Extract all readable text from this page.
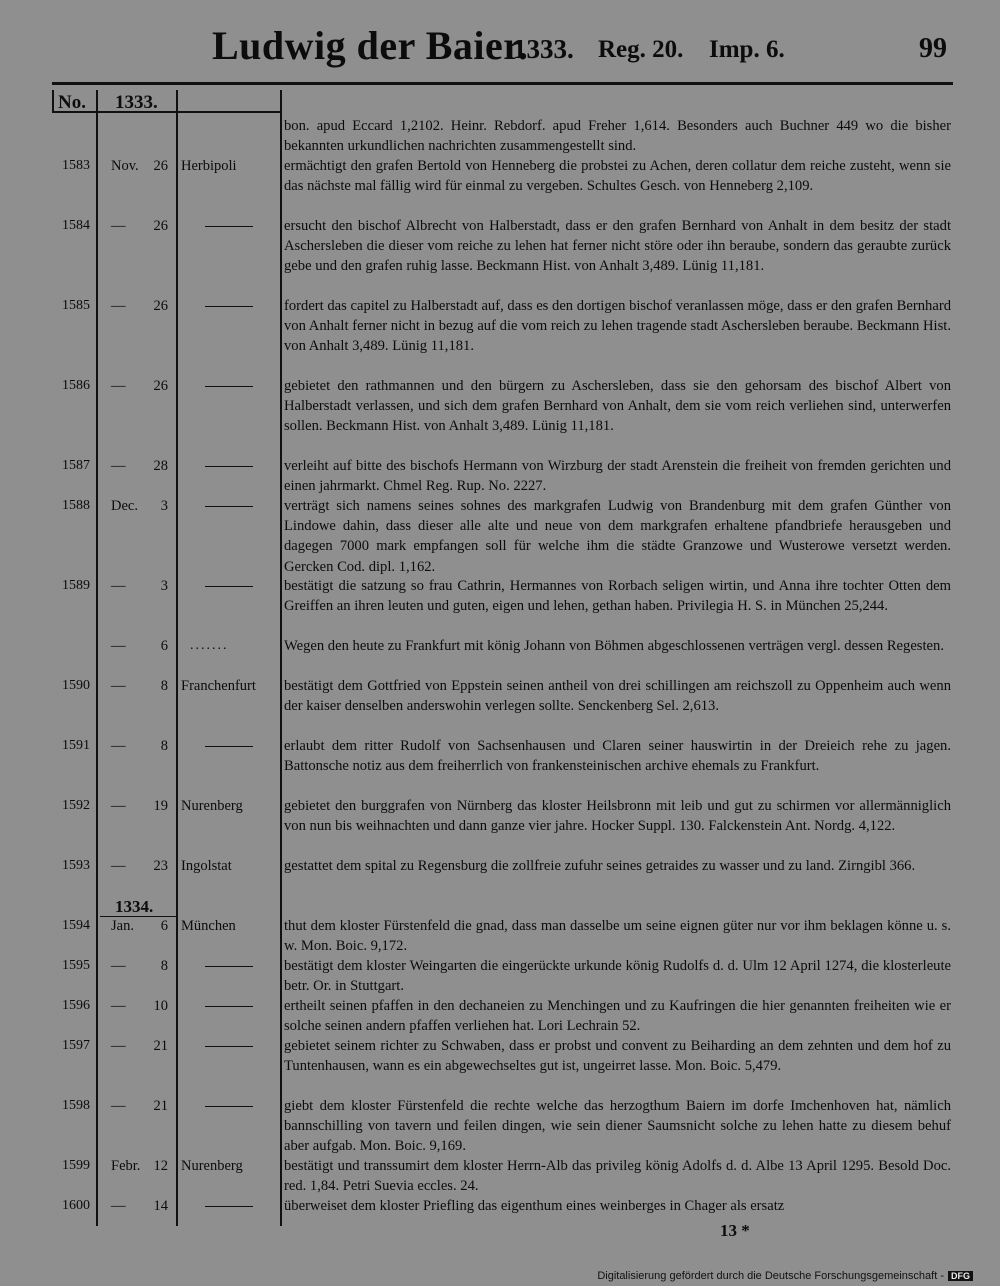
Ludwig der Baier.
1333. Reg. 20. Imp. 6.	99
No. 1333.
1334.
bon. apud Eccard 1,2102. Heinr. Rebdorf. apud Freher 1,614. Besonders auch Buchner 449 wo die bisher bekannten urkundlichen nachrichten zusammengestellt sind.
1583 Nov. 26 Herbipoli	ermächtigt den grafen Bertold von Henneberg die probstei zu Achen, deren collatur dem reiche zusteht, wenn sie das nächste mal fällig wird für einmal zu vergeben. Schultes Gesch. von Henneberg 2,109.
1584 — 26	ersucht den bischof Albrecht von Halberstadt, dass er den grafen Bernhard von Anhalt in dem besitz der stadt Aschersleben die dieser vom reiche zu lehen hat ferner nicht störe oder ihn beraube, sondern das geraubte zurück gebe und den grafen ruhig lasse. Beckmann Hist. von Anhalt 3,489. Lünig 11,181.
1585 — 26	fordert das capitel zu Halberstadt auf, dass es den dortigen bischof veranlassen möge, dass er den grafen Bernhard von Anhalt ferner nicht in bezug auf die vom reich zu lehen tragende stadt Aschersleben beraube. Beckmann Hist. von Anhalt 3,489. Lünig 11,181.
1586 — 26	gebietet den rathmannen und den bürgern zu Aschersleben, dass sie den gehorsam des bischof Albert von Halberstadt verlassen, und sich dem grafen Bernhard von Anhalt, dem sie vom reich verliehen sind, unterwerfen sollen. Beckmann Hist. von Anhalt 3,489. Lünig 11,181.
1587 — 28	verleiht auf bitte des bischofs Hermann von Wirzburg der stadt Arenstein die freiheit von fremden gerichten und einen jahrmarkt. Chmel Reg. Rup. No. 2227.
1588 Dec. 3	verträgt sich namens seines sohnes des markgrafen Ludwig von Brandenburg mit dem grafen Günther von Lindowe dahin, dass dieser alle alte und neue von dem markgrafen erhaltene pfandbriefe herausgeben und dagegen 7000 mark empfangen soll für welche ihm die städte Granzowe und Wusterowe versetzt werden. Gercken Cod. dipl. 1,162.
1589 — 3	bestätigt die satzung so frau Cathrin, Hermannes von Rorbach seligen wirtin, und Anna ihre tochter Otten dem Greiffen an ihren leuten und guten, eigen und lehen, gethan haben. Privilegia H. S. in München 25,244.
— 6 .......	Wegen den heute zu Frankfurt mit könig Johann von Böhmen abgeschlossenen verträgen vergl. dessen Regesten.
1590 — 8 Franchenfurt	bestätigt dem Gottfried von Eppstein seinen antheil von drei schillingen am reichszoll zu Oppenheim auch wenn der kaiser denselben anderswohin verlegen sollte. Senckenberg Sel. 2,613.
1591 — 8	erlaubt dem ritter Rudolf von Sachsenhausen und Claren seiner hauswirtin in der Dreieich rehe zu jagen. Battonsche notiz aus dem freiherrlich von frankensteinischen archive ehemals zu Frankfurt.
1592 — 19 Nurenberg	gebietet den burggrafen von Nürnberg das kloster Heilsbronn mit leib und gut zu schirmen vor allermänniglich von nun bis weihnachten und dann ganze vier jahre. Hocker Suppl. 130. Falckenstein Ant. Nordg. 4,122.
1593 — 23 Ingolstat	gestattet dem spital zu Regensburg die zollfreie zufuhr seines getraides zu wasser und zu land. Zirngibl 366.
1594 Jan. 6 München	thut dem kloster Fürstenfeld die gnad, dass man dasselbe um seine eignen güter nur vor ihm beklagen könne u. s. w. Mon. Boic. 9,172.
1595 — 8	bestätigt dem kloster Weingarten die eingerückte urkunde könig Rudolfs d. d. Ulm 12 April 1274, die klosterleute betr. Or. in Stuttgart.
1596 — 10	ertheilt seinen pfaffen in den dechaneien zu Menchingen und zu Kaufringen die hier genannten freiheiten wie er solche seinen andern pfaffen verliehen hat. Lori Lechrain 52.
1597 — 21	gebietet seinem richter zu Schwaben, dass er probst und convent zu Beiharding an dem zehnten und dem hof zu Tuntenhausen, wann es ein abgewechseltes gut ist, ungeirret lasse. Mon. Boic. 5,479.
1598 — 21	giebt dem kloster Fürstenfeld die rechte welche das herzogthum Baiern im dorfe Imchenhoven hat, nämlich bannschilling von tavern und feilen dingen, wie sein diener Saumsnicht solche zu lehen hatte zu diesem behuf aber aufgab. Mon. Boic. 9,169.
1599 Febr. 12 Nurenberg	bestätigt und transsumirt dem kloster Herrn-Alb das privileg könig Adolfs d. d. Albe 13 April 1295. Besold Doc. red. 1,84. Petri Suevia eccles. 24.
1600 — 14	überweiset dem kloster Priefling das eigenthum eines weinberges in Chager als ersatz
13 *
Digitalisierung gefördert durch die Deutsche Forschungsgemeinschaft - DFG
